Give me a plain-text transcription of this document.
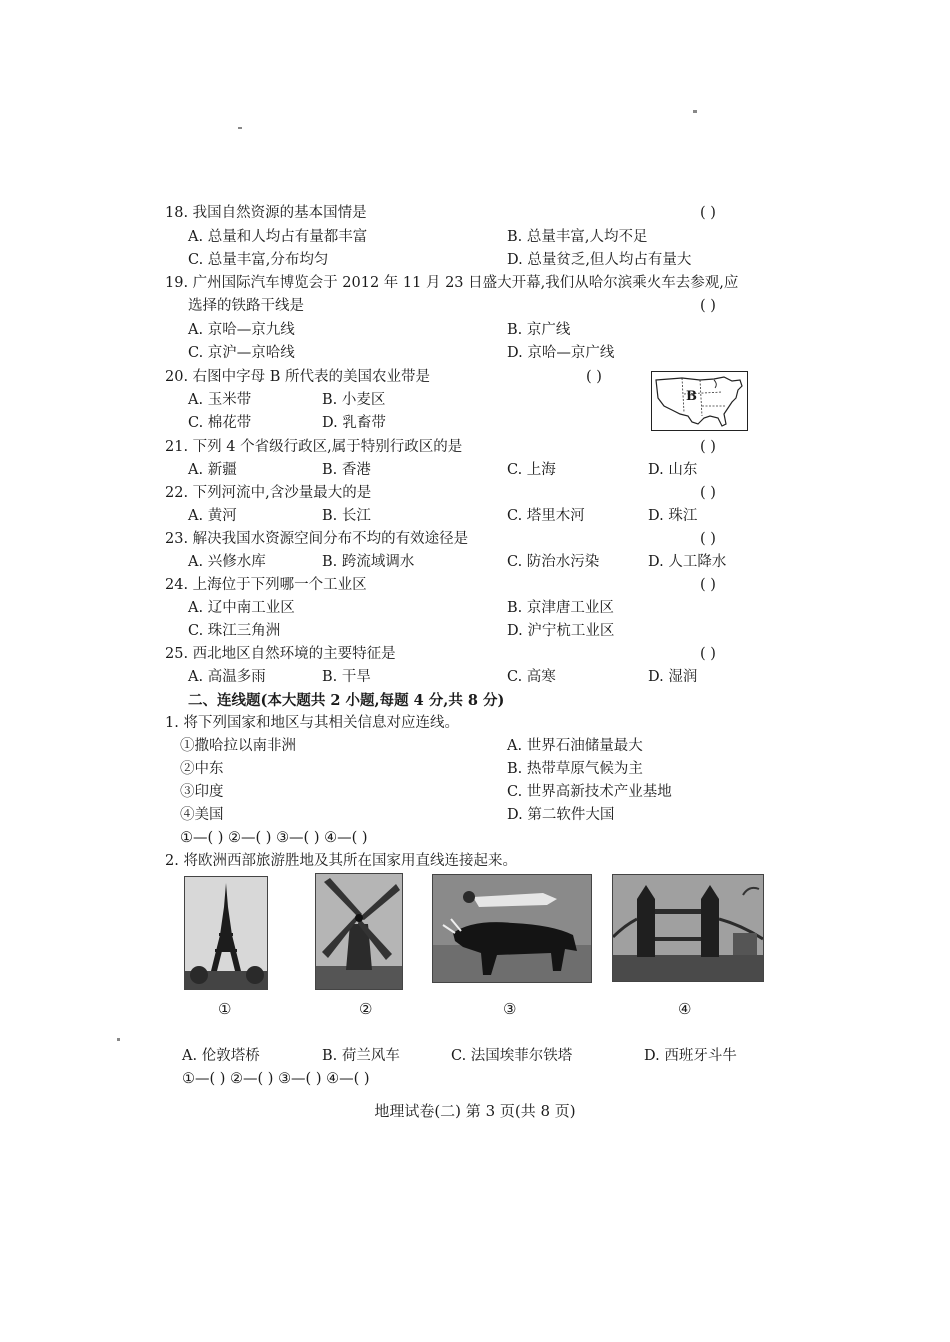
18. 我国自然资源的基本国情是	( )
A. 总量和人均占有量都丰富	B. 总量丰富,人均不足
C. 总量丰富,分布均匀	D. 总量贫乏,但人均占有量大
19. 广州国际汽车博览会于 2012 年 11 月 23 日盛大开幕,我们从哈尔滨乘火车去参观,应
选择的铁路干线是	( )
A. 京哈—京九线	B. 京广线
C. 京沪—京哈线	D. 京哈—京广线
20. 右图中字母 B 所代表的美国农业带是	( )
A. 玉米带	B. 小麦区
C. 棉花带	D. 乳畜带
B
21. 下列 4 个省级行政区,属于特别行政区的是	( )
A. 新疆	B. 香港	C. 上海	D. 山东
22. 下列河流中,含沙量最大的是	( )
A. 黄河	B. 长江	C. 塔里木河	D. 珠江
23. 解决我国水资源空间分布不均的有效途径是	( )
A. 兴修水库	B. 跨流域调水	C. 防治水污染	D. 人工降水
24. 上海位于下列哪一个工业区	( )
A. 辽中南工业区	B. 京津唐工业区
C. 珠江三角洲	D. 沪宁杭工业区
25. 西北地区自然环境的主要特征是	( )
A. 高温多雨	B. 干旱	C. 高寒	D. 湿润
二、连线题(本大题共 2 小题,每题 4 分,共 8 分)
1. 将下列国家和地区与其相关信息对应连线。
①撒哈拉以南非洲	A. 世界石油储量最大
②中东	B. 热带草原气候为主
③印度	C. 世界高新技术产业基地
④美国	D. 第二软件大国
①—( ) ②—( ) ③—( ) ④—( )
2. 将欧洲西部旅游胜地及其所在国家用直线连接起来。
①	②	③	④
A. 伦敦塔桥	B. 荷兰风车	C. 法国埃菲尔铁塔	D. 西班牙斗牛
①—( ) ②—( ) ③—( ) ④—( )
地理试卷(二) 第 3 页(共 8 页)
